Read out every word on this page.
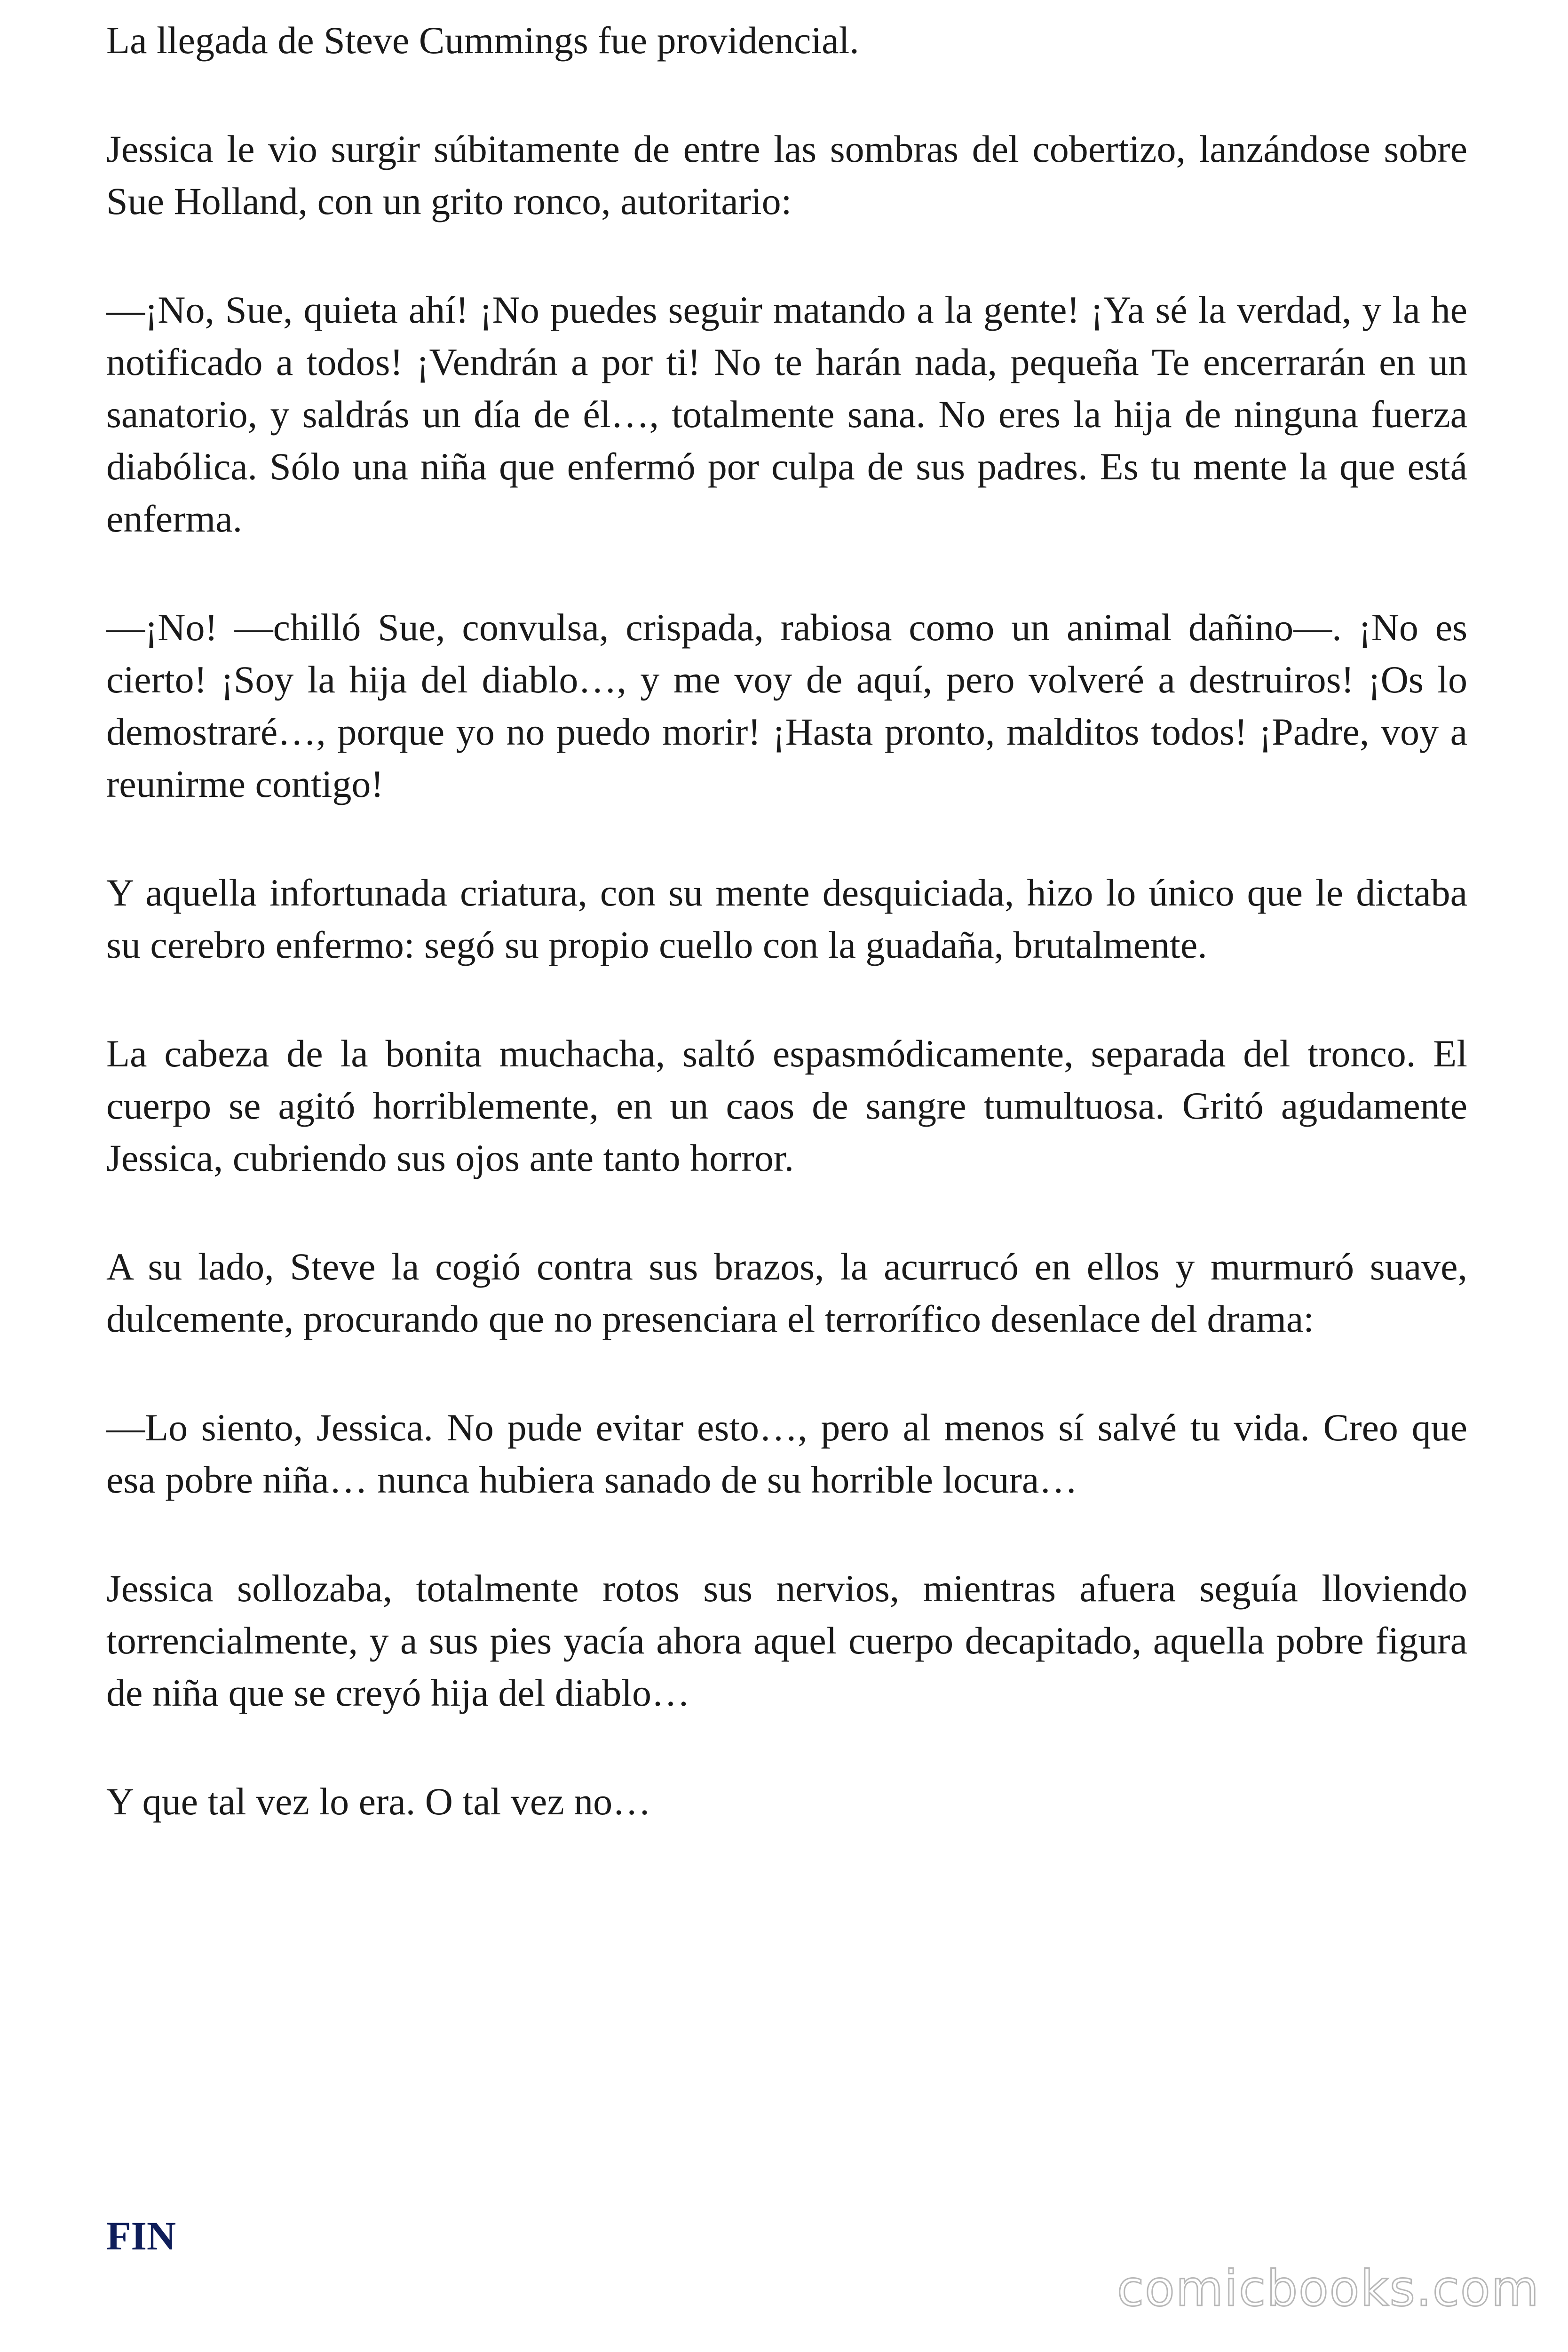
La llegada de Steve Cummings fue providencial.

Jessica le vio surgir súbitamente de entre las sombras del cobertizo, lanzándose sobre Sue Holland, con un grito ronco, autoritario:

—¡No, Sue, quieta ahí! ¡No puedes seguir matando a la gente! ¡Ya sé la verdad, y la he notificado a todos! ¡Vendrán a por ti! No te harán nada, pequeña Te encerrarán en un sanatorio, y saldrás un día de él…, totalmente sana. No eres la hija de ninguna fuerza diabólica. Sólo una niña que enfermó por culpa de sus padres. Es tu mente la que está enferma.

—¡No! —chilló Sue, convulsa, crispada, rabiosa como un animal dañino—. ¡No es cierto! ¡Soy la hija del diablo…, y me voy de aquí, pero volveré a destruiros! ¡Os lo demostraré…, porque yo no puedo morir! ¡Hasta pronto, malditos todos! ¡Padre, voy a reunirme contigo!

Y aquella infortunada criatura, con su mente desquiciada, hizo lo único que le dictaba su cerebro enfermo: segó su propio cuello con la guadaña, brutalmente.

La cabeza de la bonita muchacha, saltó espasmódicamente, separada del tronco. El cuerpo se agitó horriblemente, en un caos de sangre tumultuosa. Gritó agudamente Jessica, cubriendo sus ojos ante tanto horror.

A su lado, Steve la cogió contra sus brazos, la acurrucó en ellos y murmuró suave, dulcemente, procurando que no presenciara el terrorífico desenlace del drama:

—Lo siento, Jessica. No pude evitar esto…, pero al menos sí salvé tu vida. Creo que esa pobre niña… nunca hubiera sanado de su horrible locura…

Jessica sollozaba, totalmente rotos sus nervios, mientras afuera seguía lloviendo torrencialmente, y a sus pies yacía ahora aquel cuerpo decapitado, aquella pobre figura de niña que se creyó hija del diablo…

Y que tal vez lo era. O tal vez no…

FIN

comicbooks.com
